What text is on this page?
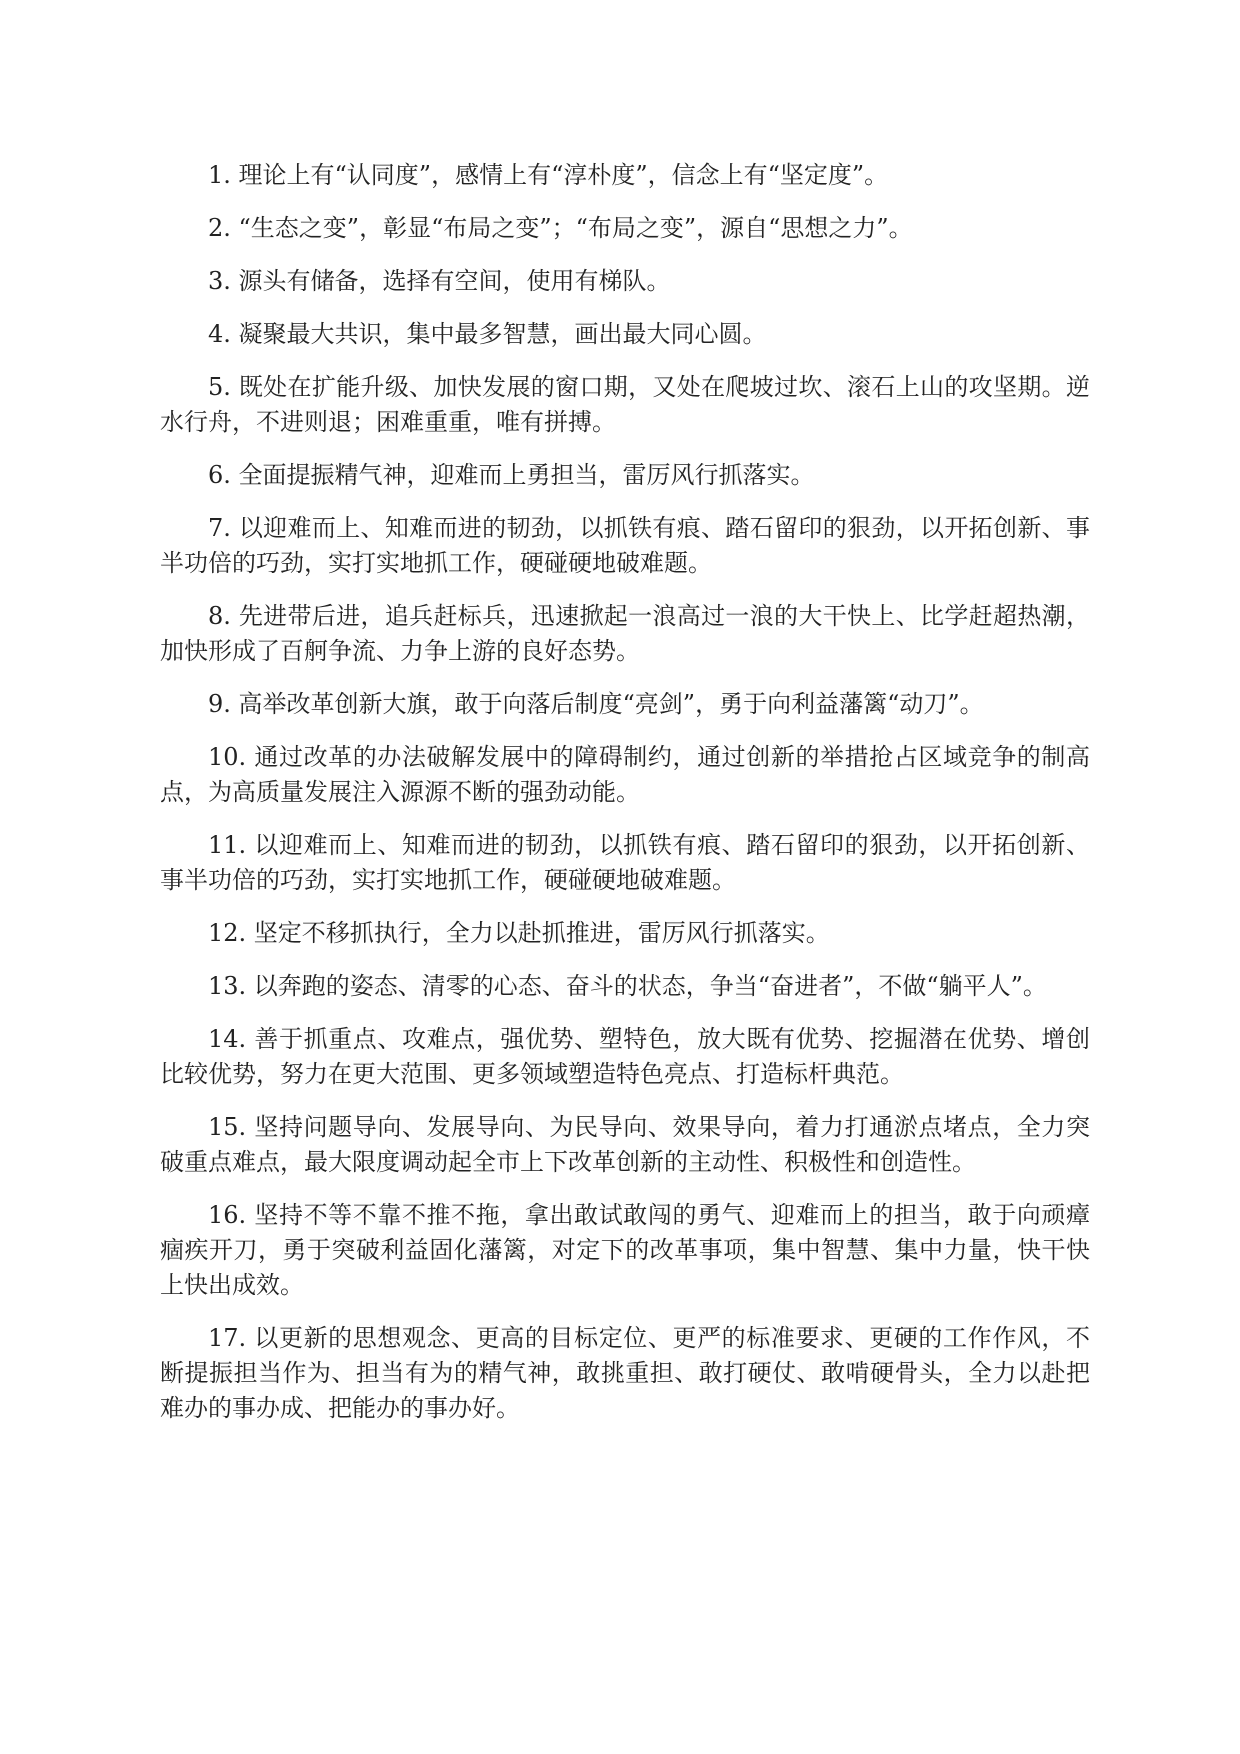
1. 理论上有“认同度”，感情上有“淳朴度”，信念上有“坚定度”。

2. “生态之变”，彰显“布局之变”；“布局之变”，源自“思想之力”。

3. 源头有储备，选择有空间，使用有梯队。

4. 凝聚最大共识，集中最多智慧，画出最大同心圆。

5. 既处在扩能升级、加快发展的窗口期，又处在爬坡过坎、滚石上山的攻坚期。逆水行舟，不进则退；困难重重，唯有拼搏。

6. 全面提振精气神，迎难而上勇担当，雷厉风行抓落实。

7. 以迎难而上、知难而进的韧劲，以抓铁有痕、踏石留印的狠劲，以开拓创新、事半功倍的巧劲，实打实地抓工作，硬碰硬地破难题。

8. 先进带后进，追兵赶标兵，迅速掀起一浪高过一浪的大干快上、比学赶超热潮，加快形成了百舸争流、力争上游的良好态势。

9. 高举改革创新大旗，敢于向落后制度“亮剑”，勇于向利益藩篱“动刀”。

10. 通过改革的办法破解发展中的障碍制约，通过创新的举措抢占区域竞争的制高点，为高质量发展注入源源不断的强劲动能。

11. 以迎难而上、知难而进的韧劲，以抓铁有痕、踏石留印的狠劲，以开拓创新、事半功倍的巧劲，实打实地抓工作，硬碰硬地破难题。

12. 坚定不移抓执行，全力以赴抓推进，雷厉风行抓落实。

13. 以奔跑的姿态、清零的心态、奋斗的状态，争当“奋进者”，不做“躺平人”。

14. 善于抓重点、攻难点，强优势、塑特色，放大既有优势、挖掘潜在优势、增创比较优势，努力在更大范围、更多领域塑造特色亮点、打造标杆典范。

15. 坚持问题导向、发展导向、为民导向、效果导向，着力打通淤点堵点，全力突破重点难点，最大限度调动起全市上下改革创新的主动性、积极性和创造性。

16. 坚持不等不靠不推不拖，拿出敢试敢闯的勇气、迎难而上的担当，敢于向顽瘴痼疾开刀，勇于突破利益固化藩篱，对定下的改革事项，集中智慧、集中力量，快干快上快出成效。

17. 以更新的思想观念、更高的目标定位、更严的标准要求、更硬的工作作风，不断提振担当作为、担当有为的精气神，敢挑重担、敢打硬仗、敢啃硬骨头，全力以赴把难办的事办成、把能办的事办好。
